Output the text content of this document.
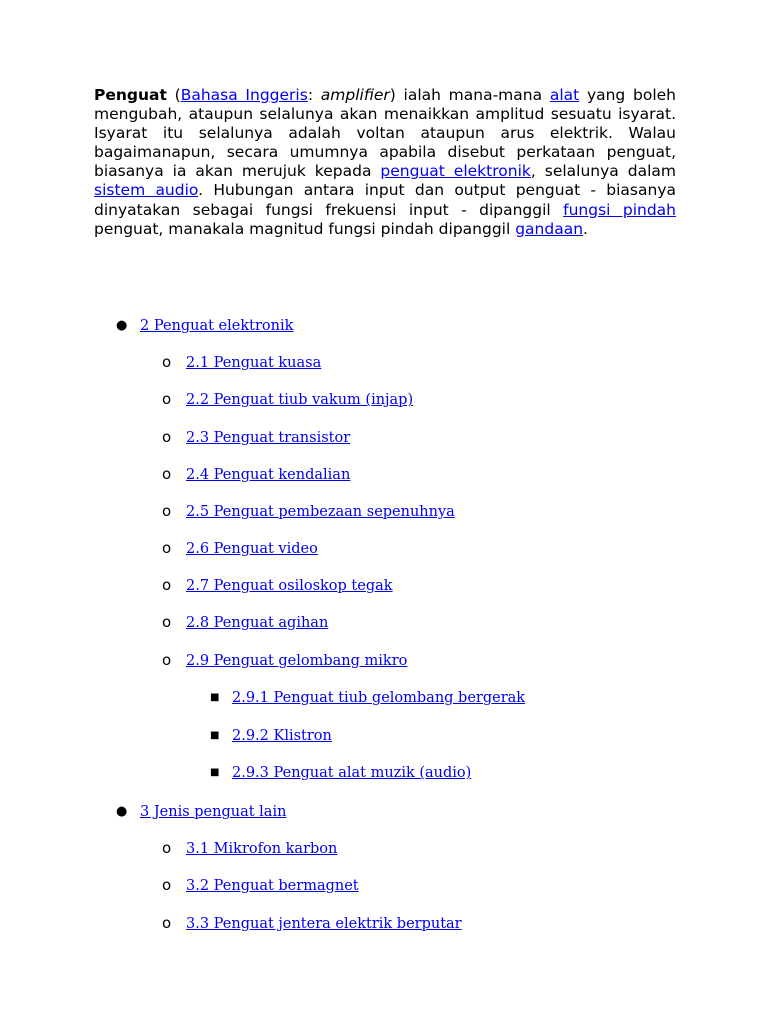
Penguat (Bahasa Inggeris: amplifier) ialah mana-mana alat yang boleh mengubah, ataupun selalunya akan menaikkan amplitud sesuatu isyarat. Isyarat itu selalunya adalah voltan ataupun arus elektrik. Walau bagaimanapun, secara umumnya apabila disebut perkataan penguat, biasanya ia akan merujuk kepada penguat elektronik, selalunya dalam sistem audio. Hubungan antara input dan output penguat - biasanya dinyatakan sebagai fungsi frekuensi input - dipanggil fungsi pindah penguat, manakala magnitud fungsi pindah dipanggil gandaan.

● 2 Penguat elektronik
o 2.1 Penguat kuasa
o 2.2 Penguat tiub vakum (injap)
o 2.3 Penguat transistor
o 2.4 Penguat kendalian
o 2.5 Penguat pembezaan sepenuhnya
o 2.6 Penguat video
o 2.7 Penguat osiloskop tegak
o 2.8 Penguat agihan
o 2.9 Penguat gelombang mikro
■ 2.9.1 Penguat tiub gelombang bergerak
■ 2.9.2 Klistron
■ 2.9.3 Penguat alat muzik (audio)
● 3 Jenis penguat lain
o 3.1 Mikrofon karbon
o 3.2 Penguat bermagnet
o 3.3 Penguat jentera elektrik berputar
